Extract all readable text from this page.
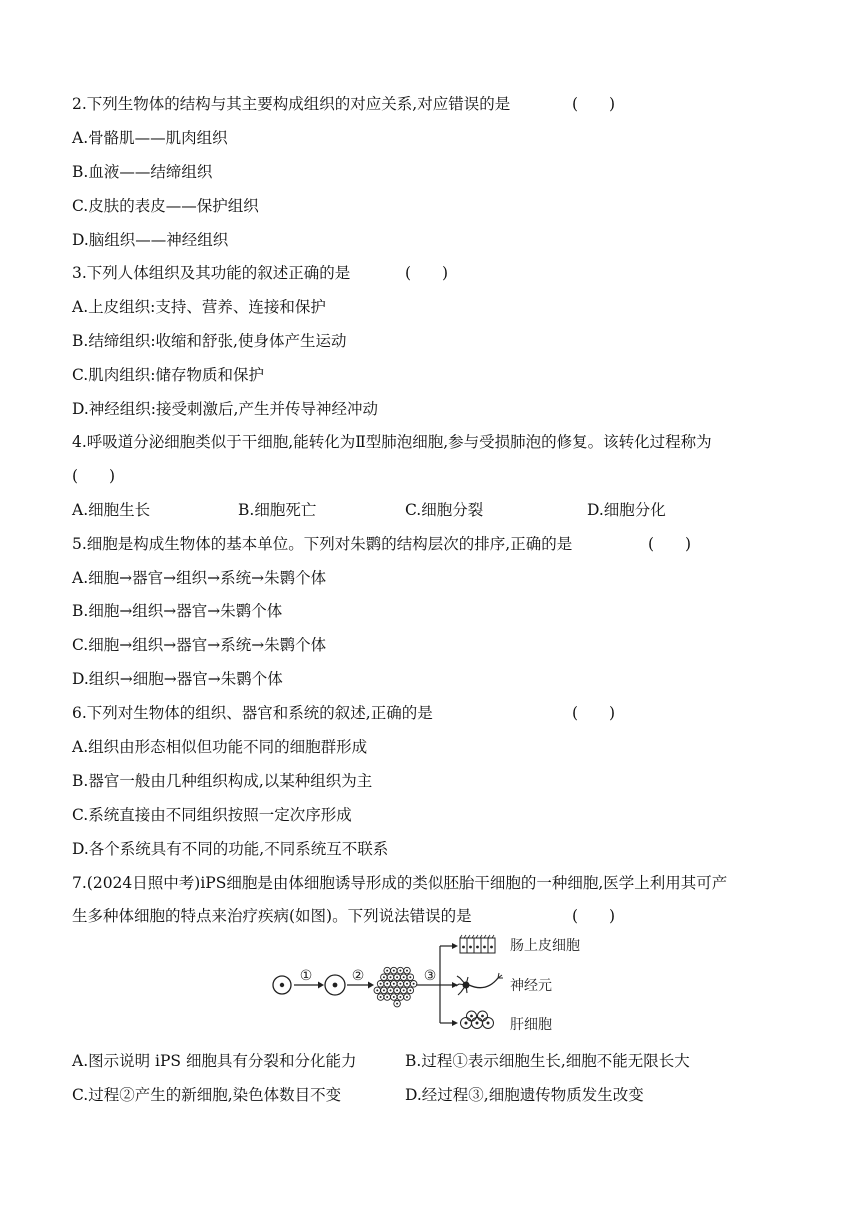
2.下列生物体的结构与其主要构成组织的对应关系,对应错误的是	(　　)
A.骨骼肌——肌肉组织
B.血液——结缔组织
C.皮肤的表皮——保护组织
D.脑组织——神经组织
3.下列人体组织及其功能的叙述正确的是	(　　)
A.上皮组织:支持、营养、连接和保护
B.结缔组织:收缩和舒张,使身体产生运动
C.肌肉组织:储存物质和保护
D.神经组织:接受刺激后,产生并传导神经冲动
4.呼吸道分泌细胞类似于干细胞,能转化为Ⅱ型肺泡细胞,参与受损肺泡的修复。该转化过程称为
(　　)
A.细胞生长	B.细胞死亡	C.细胞分裂	D.细胞分化
5.细胞是构成生物体的基本单位。下列对朱鹮的结构层次的排序,正确的是	(　　)
A.细胞→器官→组织→系统→朱鹮个体
B.细胞→组织→器官→朱鹮个体
C.细胞→组织→器官→系统→朱鹮个体
D.组织→细胞→器官→朱鹮个体
6.下列对生物体的组织、器官和系统的叙述,正确的是	(　　)
A.组织由形态相似但功能不同的细胞群形成
B.器官一般由几种组织构成,以某种组织为主
C.系统直接由不同组织按照一定次序形成
D.各个系统具有不同的功能,不同系统互不联系
7.(2024日照中考)iPS细胞是由体细胞诱导形成的类似胚胎干细胞的一种细胞,医学上利用其可产
生多种体细胞的特点来治疗疾病(如图)。下列说法错误的是	(　　)
①	②	③
肠上皮细胞
神经元
肝细胞
A.图示说明 iPS 细胞具有分裂和分化能力	B.过程①表示细胞生长,细胞不能无限长大
C.过程②产生的新细胞,染色体数目不变	D.经过程③,细胞遗传物质发生改变
